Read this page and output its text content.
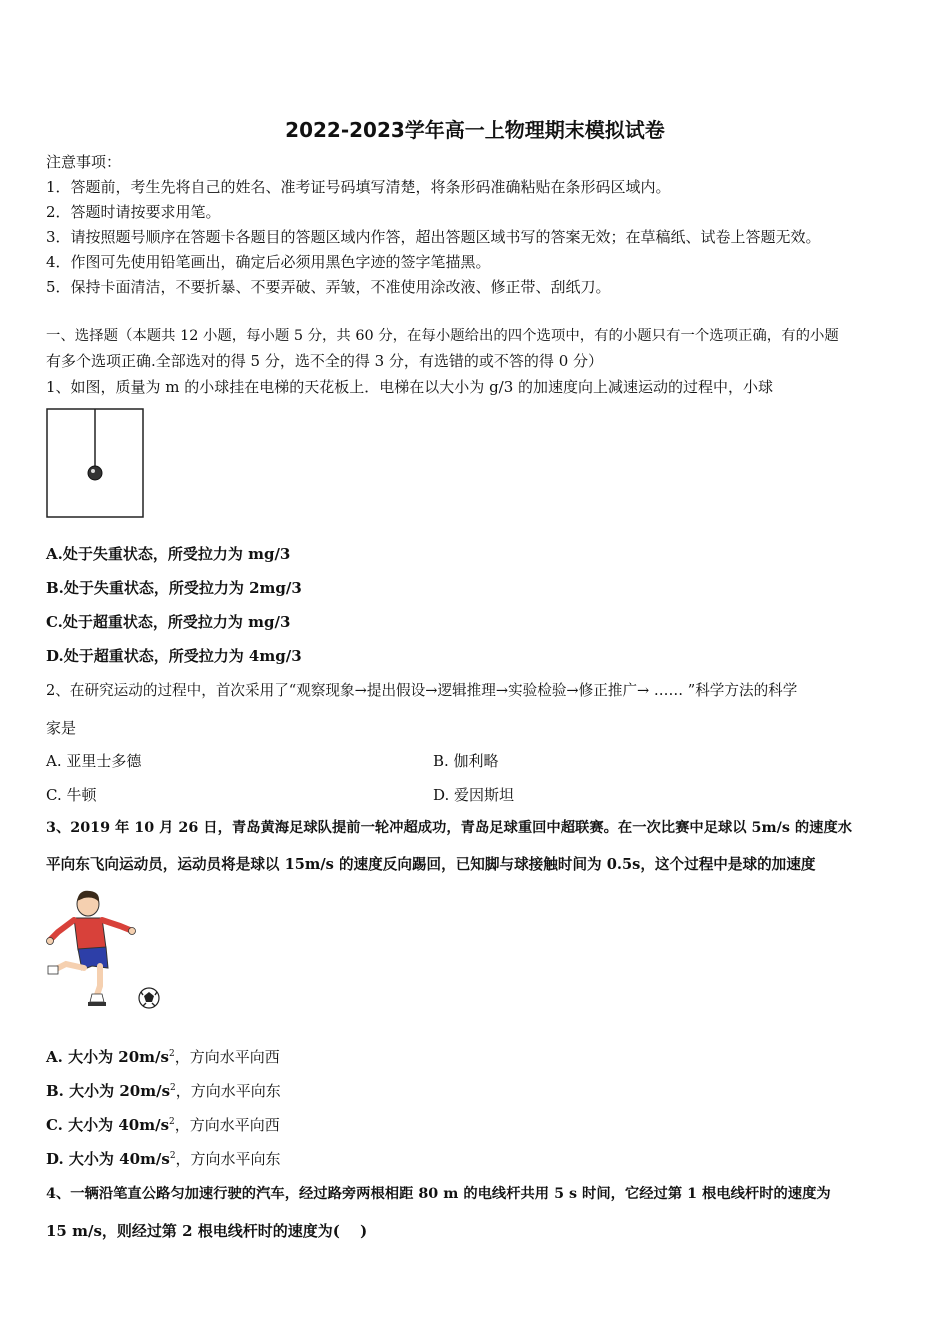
2022-2023学年高一上物理期末模拟试卷
注意事项：
1．答题前，考生先将自己的姓名、准考证号码填写清楚，将条形码准确粘贴在条形码区域内。
2．答题时请按要求用笔。
3．请按照题号顺序在答题卡各题目的答题区域内作答，超出答题区域书写的答案无效；在草稿纸、试卷上答题无效。
4．作图可先使用铅笔画出，确定后必须用黑色字迹的签字笔描黑。
5．保持卡面清洁，不要折暴、不要弄破、弄皱，不准使用涂改液、修正带、刮纸刀。
一、选择题（本题共 12 小题，每小题 5 分，共 60 分，在每小题给出的四个选项中，有的小题只有一个选项正确，有的小题
有多个选项正确.全部选对的得 5 分，选不全的得 3 分，有选错的或不答的得 0 分）
1、如图，质量为 m 的小球挂在电梯的天花板上．电梯在以大小为 g/3 的加速度向上减速运动的过程中，小球
A.处于失重状态，所受拉力为 mg/3
B.处于失重状态，所受拉力为 2mg/3
C.处于超重状态，所受拉力为 mg/3
D.处于超重状态，所受拉力为 4mg/3
2、在研究运动的过程中，首次采用了“观察现象→提出假设→逻辑推理→实验检验→修正推广→ …… ”科学方法的科学
家是
A. 亚里士多德	B. 伽利略
C. 牛顿	D. 爱因斯坦
3、2019 年 10 月 26 日，青岛黄海足球队提前一轮冲超成功，青岛足球重回中超联赛。在一次比赛中足球以 5m/s 的速度水
平向东飞向运动员，运动员将是球以 15m/s 的速度反向踢回，已知脚与球接触时间为 0.5s，这个过程中是球的加速度
A. 大小为 $20m/s^2$，方向水平向西
B. 大小为 $20m/s^2$，方向水平向东
C. 大小为 $40m/s^2$，方向水平向西
D. 大小为 $40m/s^2$，方向水平向东
4、一辆沿笔直公路匀加速行驶的汽车，经过路旁两根相距 80 m 的电线杆共用 5 s 时间，它经过第 1 根电线杆时的速度为
15 m/s，则经过第 2 根电线杆时的速度为(　 )
